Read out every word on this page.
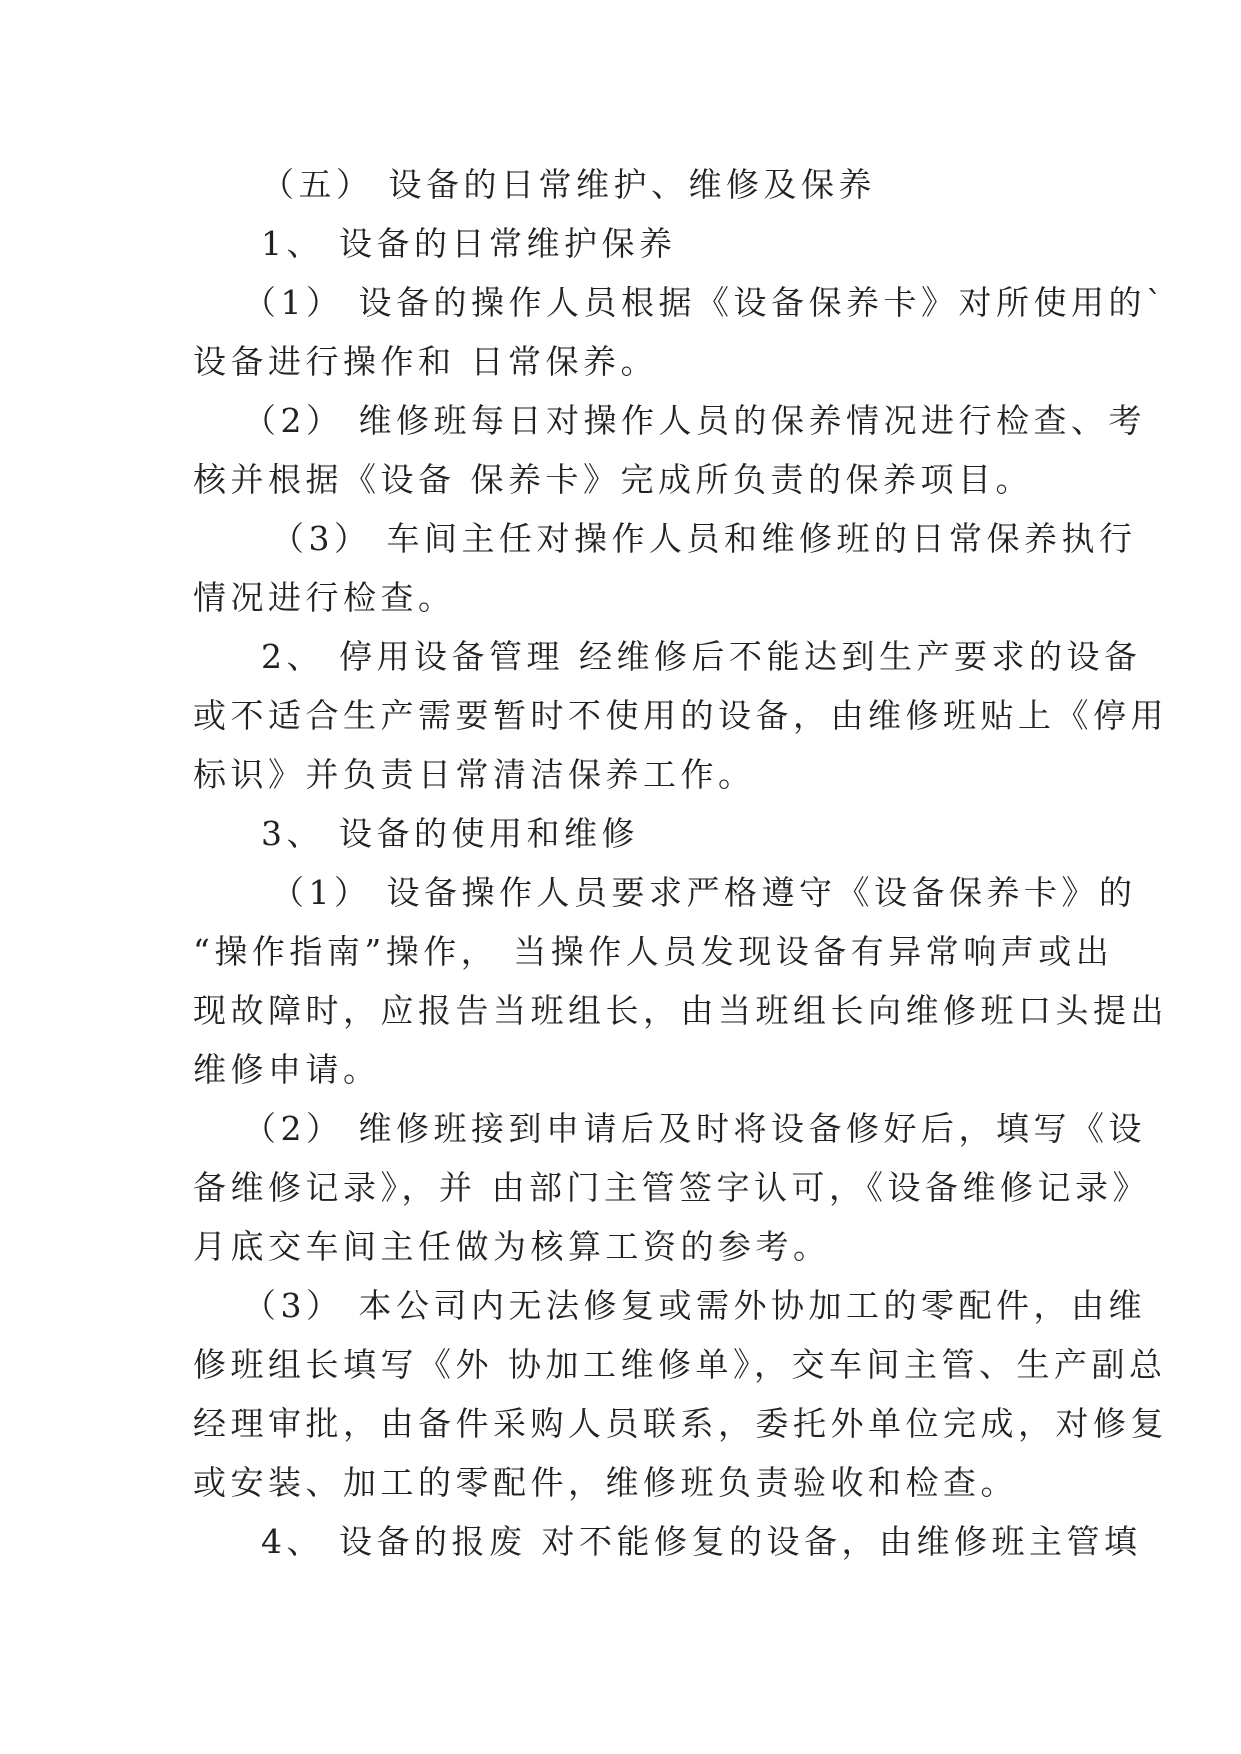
（五） 设备的日常维护、维修及保养
1、 设备的日常维护保养
（1） 设备的操作人员根据《设备保养卡》对所使用的`
设备进行操作和 日常保养。
（2） 维修班每日对操作人员的保养情况进行检查、考
核并根据《设备 保养卡》完成所负责的保养项目。
（3） 车间主任对操作人员和维修班的日常保养执行
情况进行检查。
2、 停用设备管理 经维修后不能达到生产要求的设备
或不适合生产需要暂时不使用的设备，由维修班贴上《停用
标识》并负责日常清洁保养工作。
3、 设备的使用和维修
（1） 设备操作人员要求严格遵守《设备保养卡》的
“操作指南”操作， 当操作人员发现设备有异常响声或出
现故障时，应报告当班组长，由当班组长向维修班口头提出
维修申请。
（2） 维修班接到申请后及时将设备修好后，填写《设
备维修记录》，并 由部门主管签字认可，《设备维修记录》
月底交车间主任做为核算工资的参考。
（3） 本公司内无法修复或需外协加工的零配件，由维
修班组长填写《外 协加工维修单》，交车间主管、生产副总
经理审批，由备件采购人员联系，委托外单位完成，对修复
或安装、加工的零配件，维修班负责验收和检查。
4、 设备的报废 对不能修复的设备，由维修班主管填
